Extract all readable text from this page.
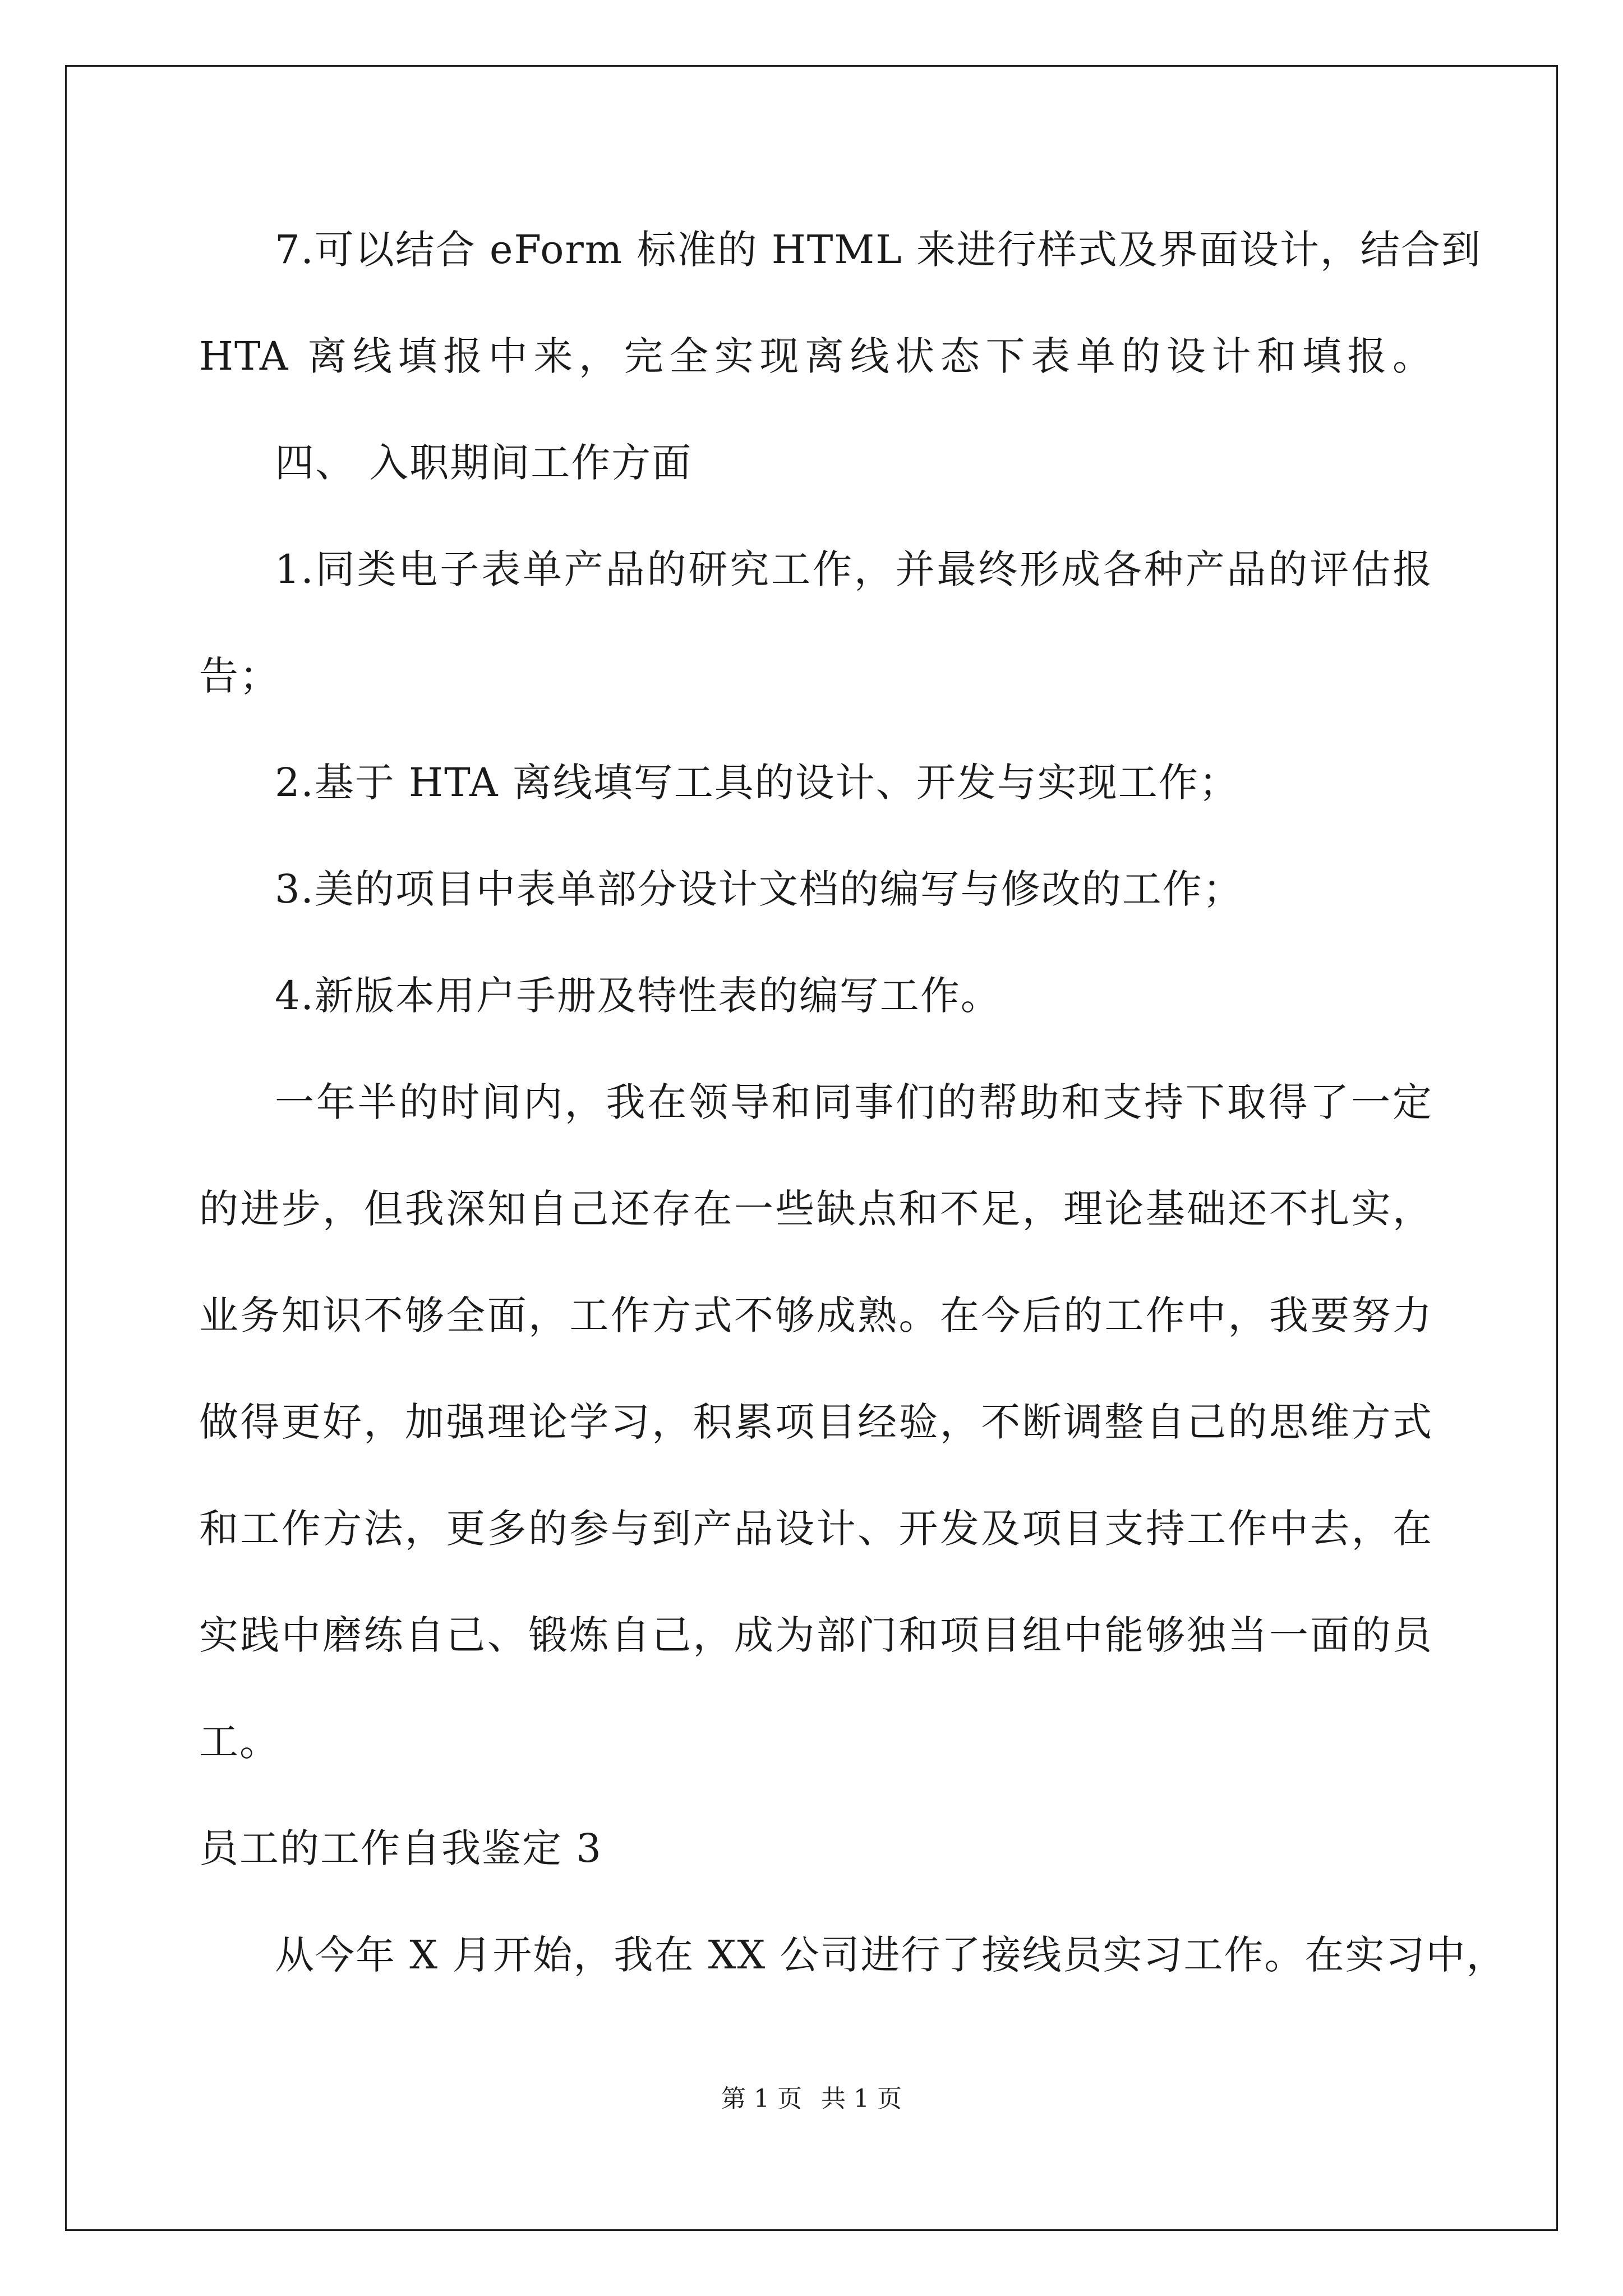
7.可以结合 eForm 标准的 HTML 来进行样式及界面设计，结合到
HTA 离线填报中来，完全实现离线状态下表单的设计和填报。
四、 入职期间工作方面
1.同类电子表单产品的研究工作，并最终形成各种产品的评估报
告；
2.基于 HTA 离线填写工具的设计、开发与实现工作；
3.美的项目中表单部分设计文档的编写与修改的工作；
4.新版本用户手册及特性表的编写工作。
一年半的时间内，我在领导和同事们的帮助和支持下取得了一定
的进步，但我深知自己还存在一些缺点和不足，理论基础还不扎实，
业务知识不够全面，工作方式不够成熟。在今后的工作中，我要努力
做得更好，加强理论学习，积累项目经验，不断调整自己的思维方式
和工作方法，更多的参与到产品设计、开发及项目支持工作中去，在
实践中磨练自己、锻炼自己，成为部门和项目组中能够独当一面的员
工。
员工的工作自我鉴定 3
从今年 X 月开始，我在 XX 公司进行了接线员实习工作。在实习中，
第 1 页 共 1 页
